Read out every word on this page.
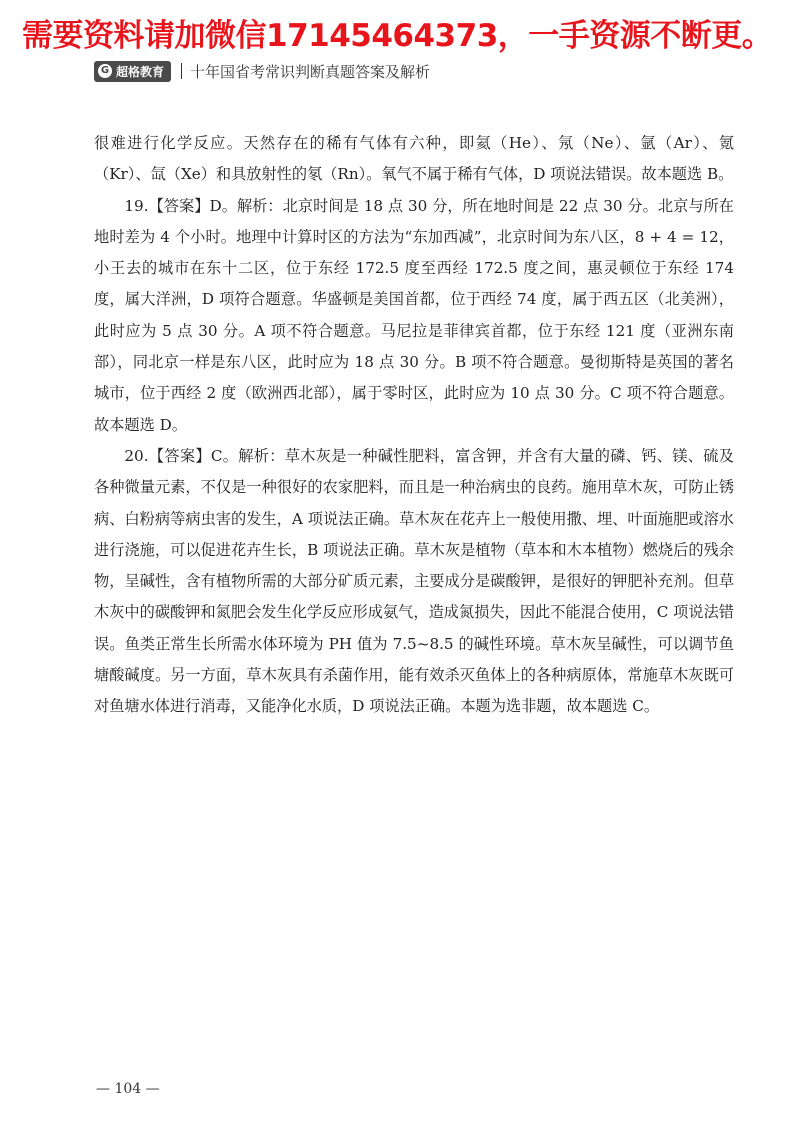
需要资料请加微信17145464373，一手资源不断更。
G 超格教育 十年国省考常识判断真题答案及解析

很难进行化学反应。天然存在的稀有气体有六种，即氦（He）、氖（Ne）、氩（Ar）、氪（Kr）、氙（Xe）和具放射性的氡（Rn）。氧气不属于稀有气体，D 项说法错误。故本题选 B。

19.【答案】D。解析：北京时间是 18 点 30 分，所在地时间是 22 点 30 分。北京与所在地时差为 4 个小时。地理中计算时区的方法为“东加西减”，北京时间为东八区，8 + 4 = 12，小王去的城市在东十二区，位于东经 172.5 度至西经 172.5 度之间，惠灵顿位于东经 174 度，属大洋洲，D 项符合题意。华盛顿是美国首都，位于西经 74 度，属于西五区（北美洲），此时应为 5 点 30 分。A 项不符合题意。马尼拉是菲律宾首都，位于东经 121 度（亚洲东南部），同北京一样是东八区，此时应为 18 点 30 分。B 项不符合题意。曼彻斯特是英国的著名城市，位于西经 2 度（欧洲西北部），属于零时区，此时应为 10 点 30 分。C 项不符合题意。故本题选 D。

20.【答案】C。解析：草木灰是一种碱性肥料，富含钾，并含有大量的磷、钙、镁、硫及各种微量元素，不仅是一种很好的农家肥料，而且是一种治病虫的良药。施用草木灰，可防止锈病、白粉病等病虫害的发生，A 项说法正确。草木灰在花卉上一般使用撒、埋、叶面施肥或溶水进行浇施，可以促进花卉生长，B 项说法正确。草木灰是植物（草本和木本植物）燃烧后的残余物，呈碱性，含有植物所需的大部分矿质元素，主要成分是碳酸钾，是很好的钾肥补充剂。但草木灰中的碳酸钾和氮肥会发生化学反应形成氨气，造成氮损失，因此不能混合使用，C 项说法错误。鱼类正常生长所需水体环境为 PH 值为 7.5~8.5 的碱性环境。草木灰呈碱性，可以调节鱼塘酸碱度。另一方面，草木灰具有杀菌作用，能有效杀灭鱼体上的各种病原体，常施草木灰既可对鱼塘水体进行消毒，又能净化水质，D 项说法正确。本题为选非题，故本题选 C。

— 104 —
